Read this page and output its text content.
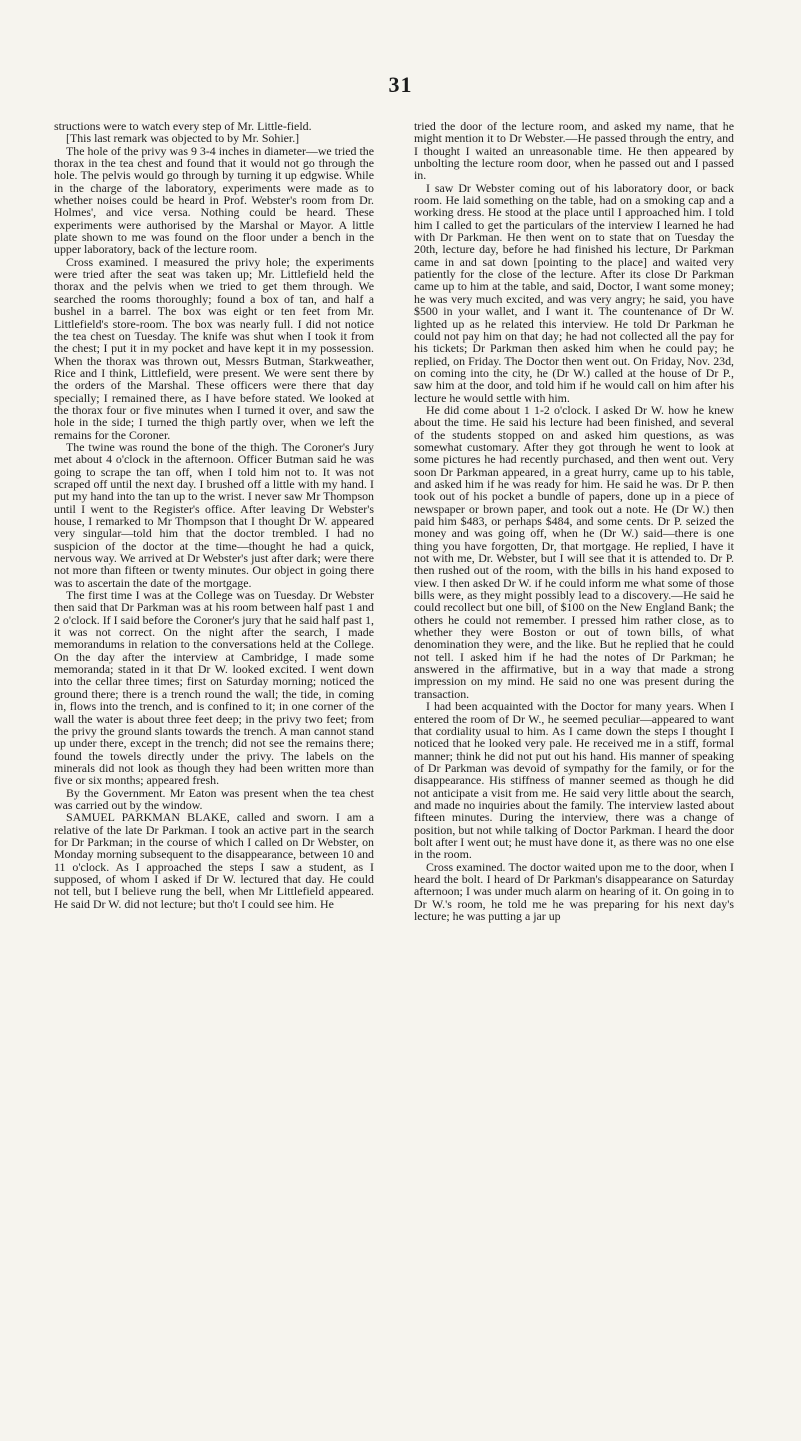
31

structions were to watch every step of Mr. Little-field.

[This last remark was objected to by Mr. Sohier.]

The hole of the privy was 9 3-4 inches in diameter—we tried the thorax in the tea chest and found that it would not go through the hole. The pelvis would go through by turning it up edgwise. While in the charge of the laboratory, experiments were made as to whether noises could be heard in Prof. Webster's room from Dr. Holmes', and vice versa. Nothing could be heard. These experiments were authorised by the Marshal or Mayor. A little plate shown to me was found on the floor under a bench in the upper laboratory, back of the lecture room.

Cross examined. I measured the privy hole; the experiments were tried after the seat was taken up; Mr. Littlefield held the thorax and the pelvis when we tried to get them through. We searched the rooms thoroughly; found a box of tan, and half a bushel in a barrel. The box was eight or ten feet from Mr. Littlefield's store-room. The box was nearly full. I did not notice the tea chest on Tuesday. The knife was shut when I took it from the chest; I put it in my pocket and have kept it in my possession. When the thorax was thrown out, Messrs Butman, Starkweather, Rice and I think, Littlefield, were present. We were sent there by the orders of the Marshal. These officers were there that day specially; I remained there, as I have before stated. We looked at the thorax four or five minutes when I turned it over, and saw the hole in the side; I turned the thigh partly over, when we left the remains for the Coroner.

The twine was round the bone of the thigh. The Coroner's Jury met about 4 o'clock in the afternoon. Officer Butman said he was going to scrape the tan off, when I told him not to. It was not scraped off until the next day. I brushed off a little with my hand. I put my hand into the tan up to the wrist. I never saw Mr Thompson until I went to the Register's office. After leaving Dr Webster's house, I remarked to Mr Thompson that I thought Dr W. appeared very singular—told him that the doctor trembled. I had no suspicion of the doctor at the time—thought he had a quick, nervous way. We arrived at Dr Webster's just after dark; were there not more than fifteen or twenty minutes. Our object in going there was to ascertain the date of the mortgage.

The first time I was at the College was on Tuesday. Dr Webster then said that Dr Parkman was at his room between half past 1 and 2 o'clock. If I said before the Coroner's jury that he said half past 1, it was not correct. On the night after the search, I made memorandums in relation to the conversations held at the College. On the day after the interview at Cambridge, I made some memoranda; stated in it that Dr W. looked excited. I went down into the cellar three times; first on Saturday morning; noticed the ground there; there is a trench round the wall; the tide, in coming in, flows into the trench, and is confined to it; in one corner of the wall the water is about three feet deep; in the privy two feet; from the privy the ground slants towards the trench. A man cannot stand up under there, except in the trench; did not see the remains there; found the towels directly under the privy. The labels on the minerals did not look as though they had been written more than five or six months; appeared fresh.

By the Government. Mr Eaton was present when the tea chest was carried out by the window.

SAMUEL PARKMAN BLAKE, called and sworn. I am a relative of the late Dr Parkman. I took an active part in the search for Dr Parkman; in the course of which I called on Dr Webster, on Monday morning subsequent to the disappearance, between 10 and 11 o'clock. As I approached the steps I saw a student, as I supposed, of whom I asked if Dr W. lectured that day. He could not tell, but I believe rung the bell, when Mr Littlefield appeared. He said Dr W. did not lecture; but tho't I could see him. He

tried the door of the lecture room, and asked my name, that he might mention it to Dr Webster.—He passed through the entry, and I thought I waited an unreasonable time. He then appeared by unbolting the lecture room door, when he passed out and I passed in.

I saw Dr Webster coming out of his laboratory door, or back room. He laid something on the table, had on a smoking cap and a working dress. He stood at the place until I approached him. I told him I called to get the particulars of the interview I learned he had with Dr Parkman. He then went on to state that on Tuesday the 20th, lecture day, before he had finished his lecture, Dr Parkman came in and sat down [pointing to the place] and waited very patiently for the close of the lecture. After its close Dr Parkman came up to him at the table, and said, Doctor, I want some money; he was very much excited, and was very angry; he said, you have $500 in your wallet, and I want it. The countenance of Dr W. lighted up as he related this interview. He told Dr Parkman he could not pay him on that day; he had not collected all the pay for his tickets; Dr Parkman then asked him when he could pay; he replied, on Friday. The Doctor then went out. On Friday, Nov. 23d, on coming into the city, he (Dr W.) called at the house of Dr P., saw him at the door, and told him if he would call on him after his lecture he would settle with him.

He did come about 1 1-2 o'clock. I asked Dr W. how he knew about the time. He said his lecture had been finished, and several of the students stopped on and asked him questions, as was somewhat customary. After they got through he went to look at some pictures he had recently purchased, and then went out. Very soon Dr Parkman appeared, in a great hurry, came up to his table, and asked him if he was ready for him. He said he was. Dr P. then took out of his pocket a bundle of papers, done up in a piece of newspaper or brown paper, and took out a note. He (Dr W.) then paid him $483, or perhaps $484, and some cents. Dr P. seized the money and was going off, when he (Dr W.) said—there is one thing you have forgotten, Dr, that mortgage. He replied, I have it not with me, Dr. Webster, but I will see that it is attended to. Dr P. then rushed out of the room, with the bills in his hand exposed to view. I then asked Dr W. if he could inform me what some of those bills were, as they might possibly lead to a discovery.—He said he could recollect but one bill, of $100 on the New England Bank; the others he could not remember. I pressed him rather close, as to whether they were Boston or out of town bills, of what denomination they were, and the like. But he replied that he could not tell. I asked him if he had the notes of Dr Parkman; he answered in the affirmative, but in a way that made a strong impression on my mind. He said no one was present during the transaction.

I had been acquainted with the Doctor for many years. When I entered the room of Dr W., he seemed peculiar—appeared to want that cordiality usual to him. As I came down the steps I thought I noticed that he looked very pale. He received me in a stiff, formal manner; think he did not put out his hand. His manner of speaking of Dr Parkman was devoid of sympathy for the family, or for the disappearance. His stiffness of manner seemed as though he did not anticipate a visit from me. He said very little about the search, and made no inquiries about the family. The interview lasted about fifteen minutes. During the interview, there was a change of position, but not while talking of Doctor Parkman. I heard the door bolt after I went out; he must have done it, as there was no one else in the room.

Cross examined. The doctor waited upon me to the door, when I heard the bolt. I heard of Dr Parkman's disappearance on Saturday afternoon; I was under much alarm on hearing of it. On going in to Dr W.'s room, he told me he was preparing for his next day's lecture; he was putting a jar up
